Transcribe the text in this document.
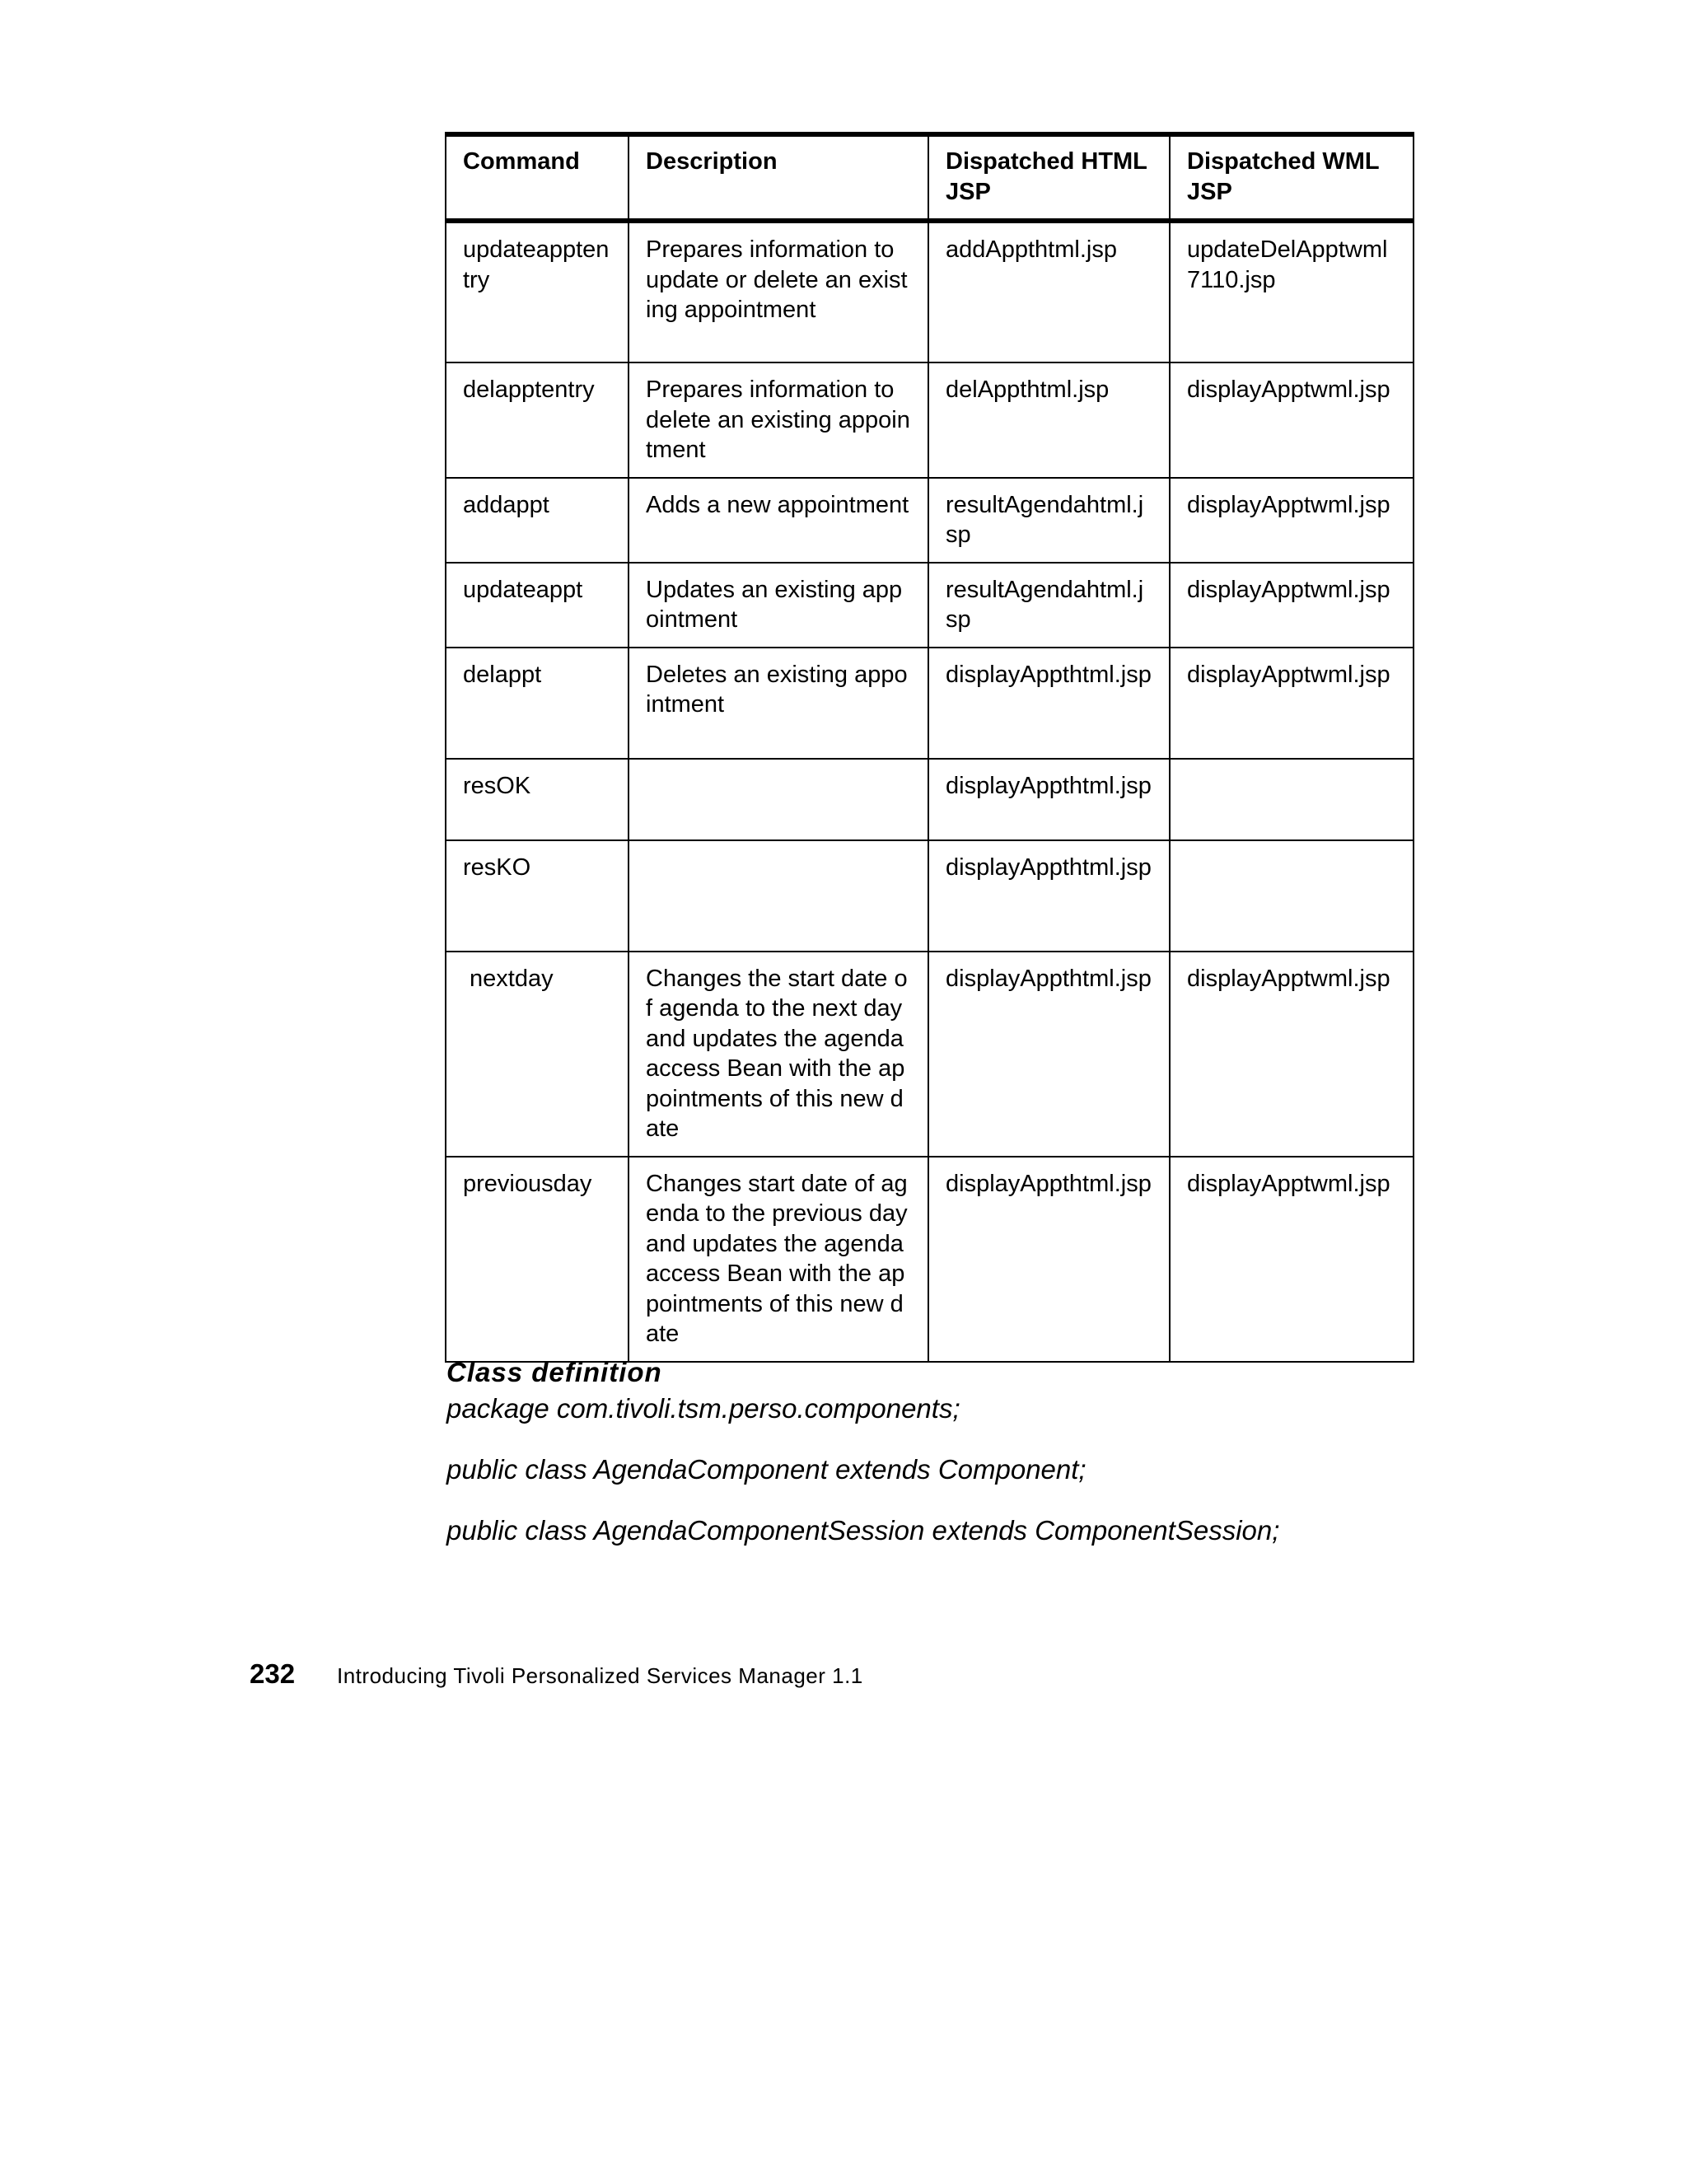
Command	Description	Dispatched HTML JSP	Dispatched WML JSP
updateapptentry	Prepares information to update or delete an existing appointment	addAppthtml.jsp	updateDelApptwml7110.jsp
delapptentry	Prepares information to delete an existing appointment	delAppthtml.jsp	displayApptwml.jsp
addappt	Adds a new appointment	resultAgendahtml.jsp	displayApptwml.jsp
updateappt	Updates an existing appointment	resultAgendahtml.jsp	displayApptwml.jsp
delappt	Deletes an existing appointment	displayAppthtml.jsp	displayApptwml.jsp
resOK		displayAppthtml.jsp	
resKO		displayAppthtml.jsp	
nextday	Changes the start date of agenda to the next day and updates the agenda access Bean with the appointments of this new date	displayAppthtml.jsp	displayApptwml.jsp
previousday	Changes start date of agenda to the previous day and updates the agenda access Bean with the appointments of this new date	displayAppthtml.jsp	displayApptwml.jsp

Class definition

package com.tivoli.tsm.perso.components;

public class AgendaComponent extends Component;

public class AgendaComponentSession extends ComponentSession;

232	Introducing Tivoli Personalized Services Manager 1.1
